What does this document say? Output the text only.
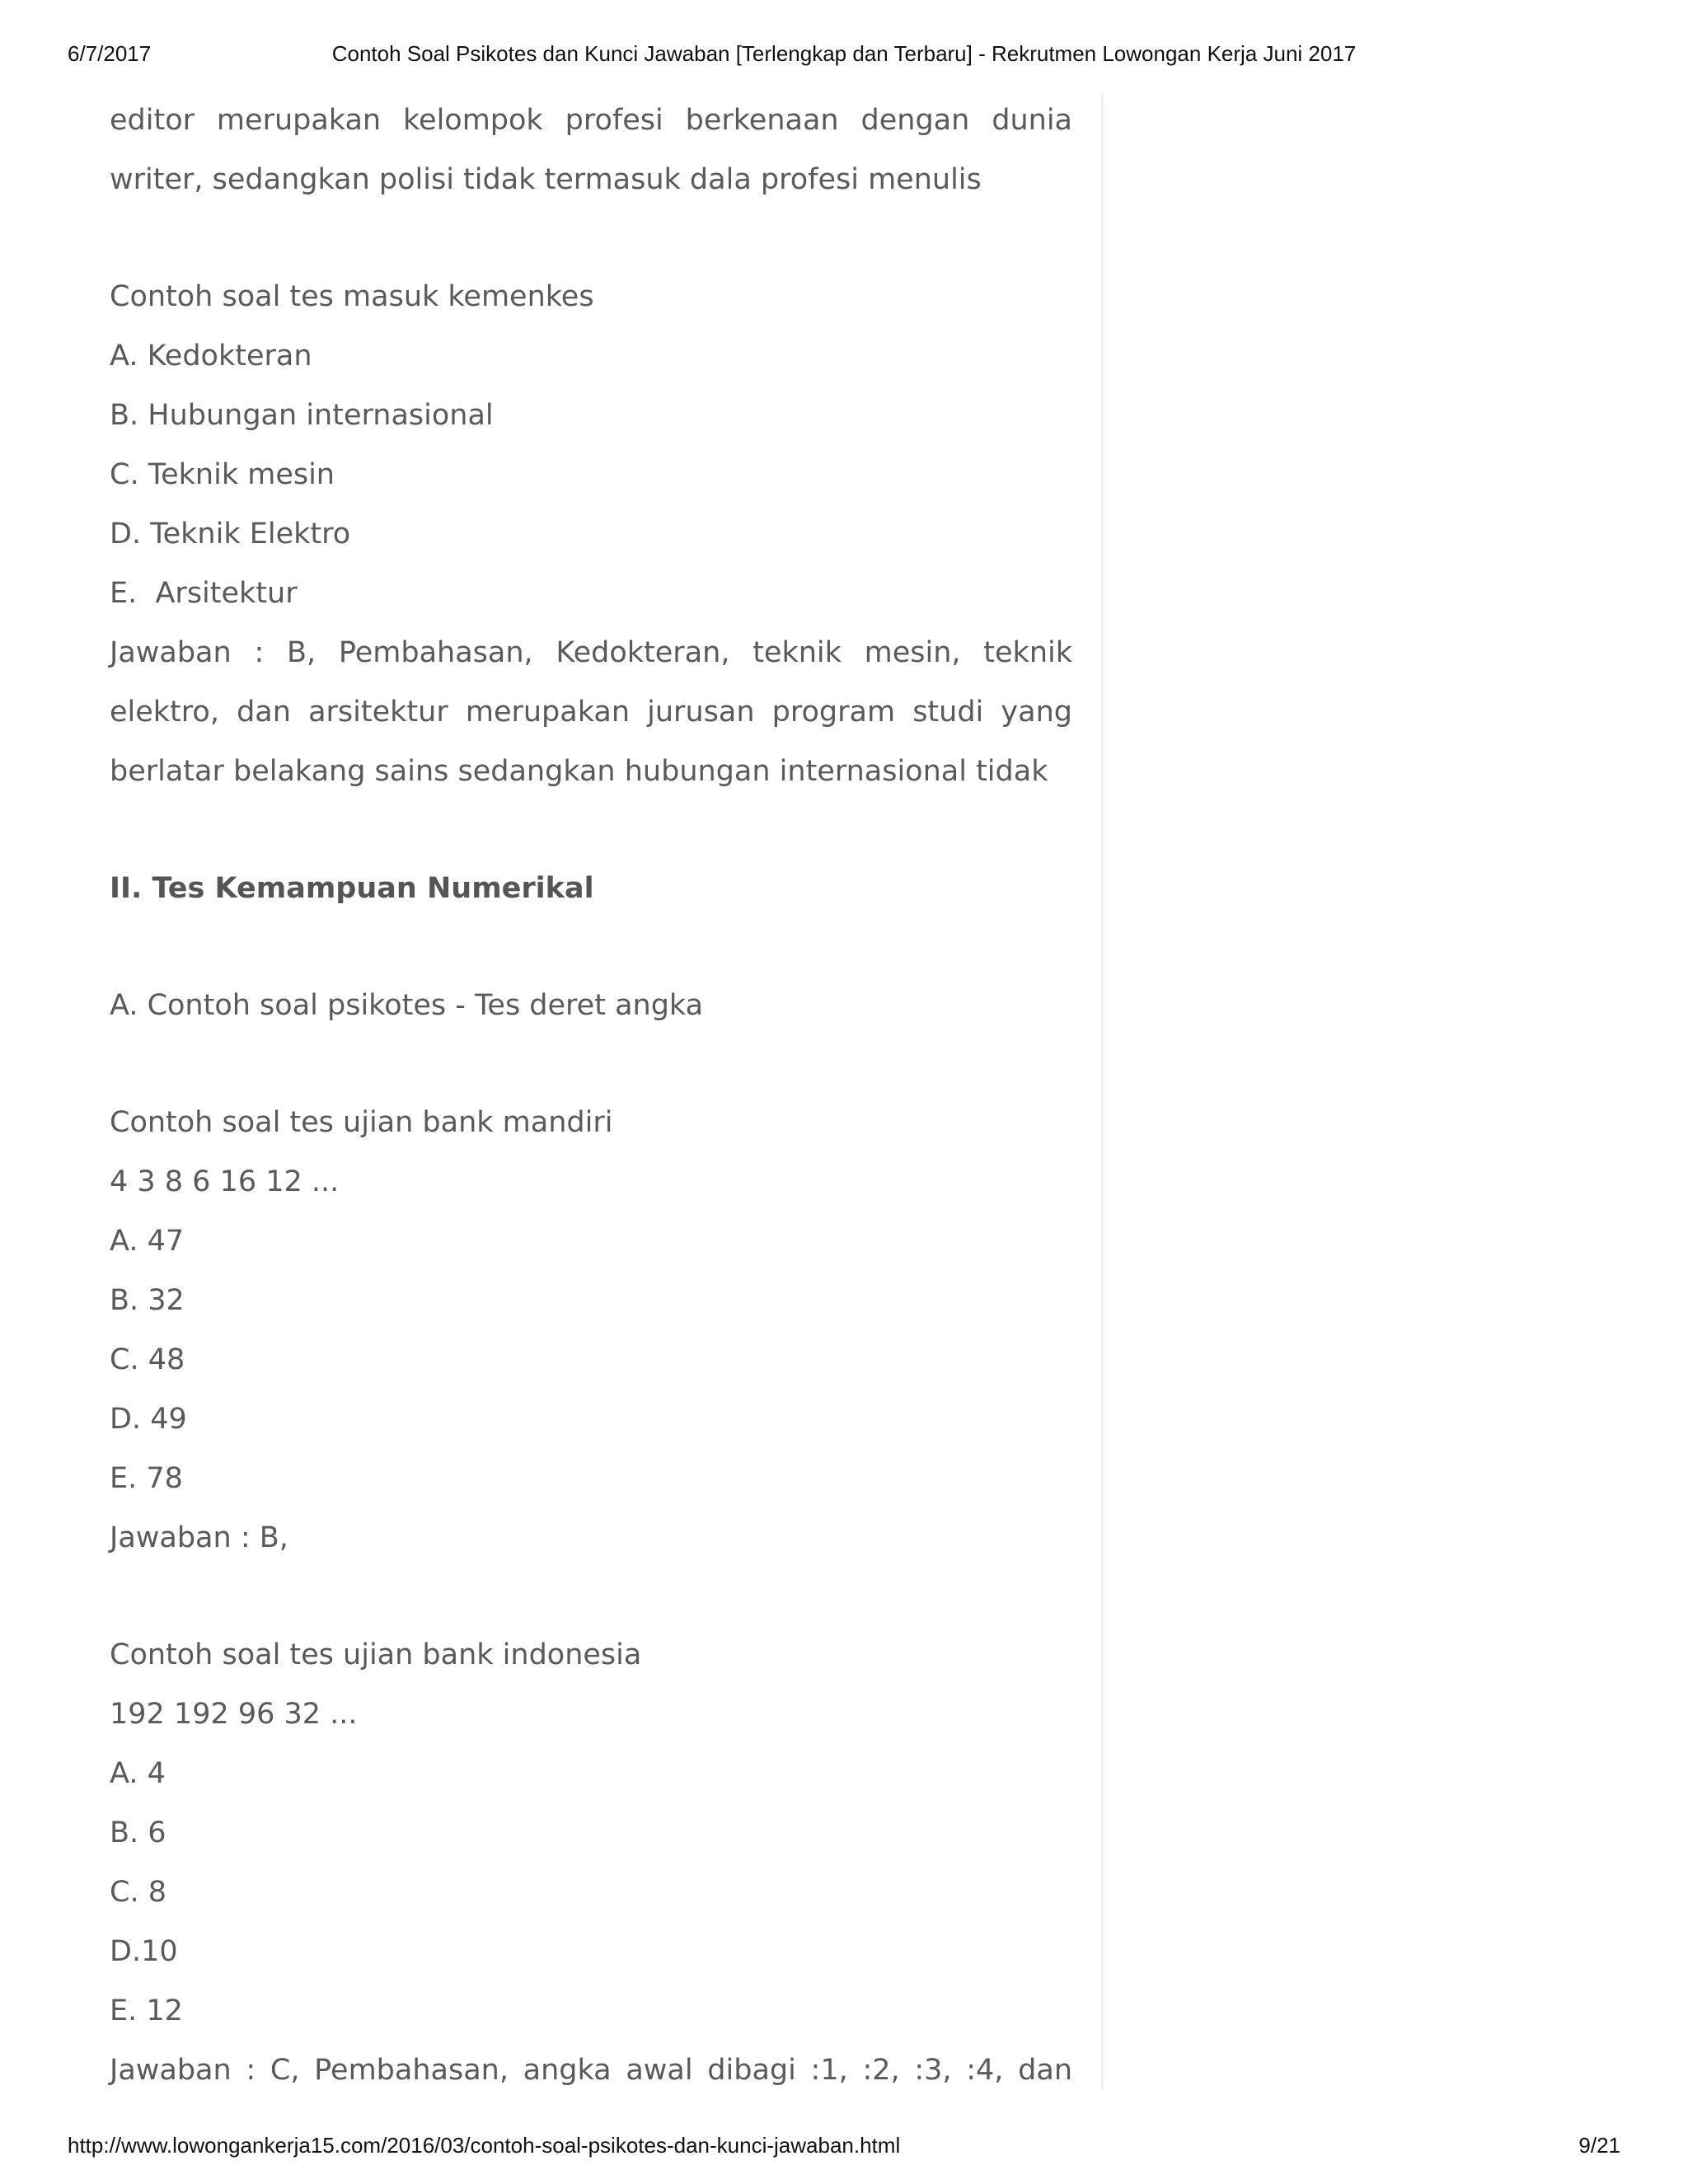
6/7/2017	Contoh Soal Psikotes dan Kunci Jawaban [Terlengkap dan Terbaru] - Rekrutmen Lowongan Kerja Juni 2017
editor merupakan kelompok profesi berkenaan dengan dunia
writer, sedangkan polisi tidak termasuk dala profesi menulis
Contoh soal tes masuk kemenkes
A. Kedokteran
B. Hubungan internasional
C. Teknik mesin
D. Teknik Elektro
E.  Arsitektur
Jawaban : B, Pembahasan, Kedokteran, teknik mesin, teknik
elektro, dan arsitektur merupakan jurusan program studi yang
berlatar belakang sains sedangkan hubungan internasional tidak
II. Tes Kemampuan Numerikal
A. Contoh soal psikotes - Tes deret angka
Contoh soal tes ujian bank mandiri
4 3 8 6 16 12 ...
A. 47
B. 32
C. 48
D. 49
E. 78
Jawaban : B,
Contoh soal tes ujian bank indonesia
192 192 96 32 ...
A. 4
B. 6
C. 8
D.10
E. 12
Jawaban : C, Pembahasan, angka awal dibagi :1, :2, :3, :4, dan
http://www.lowongankerja15.com/2016/03/contoh-soal-psikotes-dan-kunci-jawaban.html	9/21
